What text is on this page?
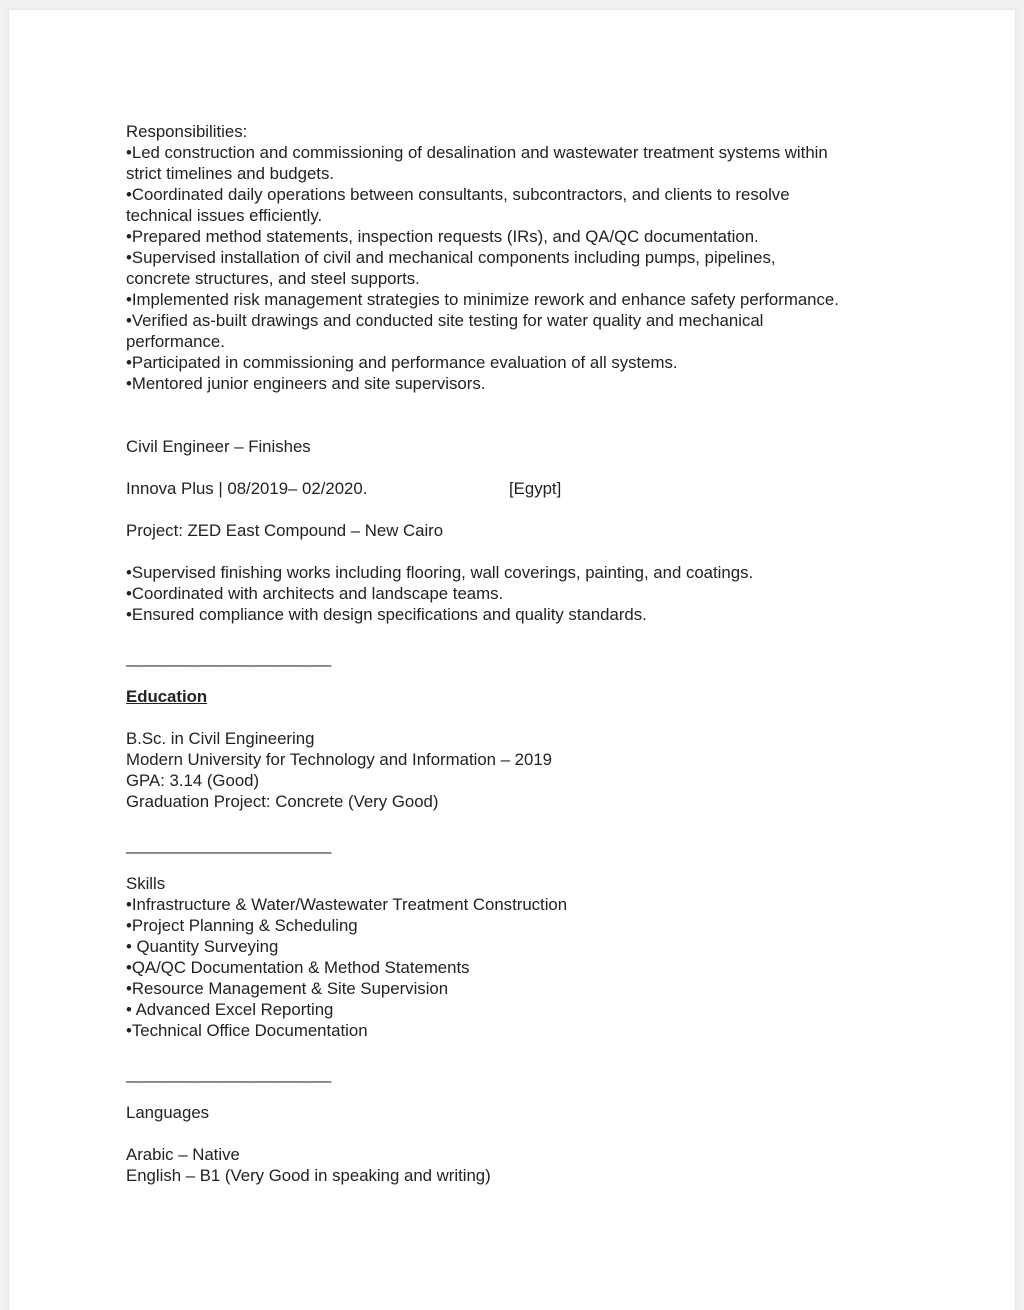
Responsibilities:
•Led construction and commissioning of desalination and wastewater treatment systems within
strict timelines and budgets.
•Coordinated daily operations between consultants, subcontractors, and clients to resolve
technical issues efficiently.
•Prepared method statements, inspection requests (IRs), and QA/QC documentation.
•Supervised installation of civil and mechanical components including pumps, pipelines,
concrete structures, and steel supports.
•Implemented risk management strategies to minimize rework and enhance safety performance.
•Verified as-built drawings and conducted site testing for water quality and mechanical
performance.
•Participated in commissioning and performance evaluation of all systems.
•Mentored junior engineers and site supervisors.
Civil Engineer – Finishes
Innova Plus | 08/2019– 02/2020.	[Egypt]
Project: ZED East Compound – New Cairo
•Supervised finishing works including flooring, wall coverings, painting, and coatings.
•Coordinated with architects and landscape teams.
•Ensured compliance with design specifications and quality standards.
______________________
Education
B.Sc. in Civil Engineering
Modern University for Technology and Information – 2019
GPA: 3.14 (Good)
Graduation Project: Concrete (Very Good)
______________________
Skills
•Infrastructure & Water/Wastewater Treatment Construction
•Project Planning & Scheduling
• Quantity Surveying
•QA/QC Documentation & Method Statements
•Resource Management & Site Supervision
• Advanced Excel Reporting
•Technical Office Documentation
______________________
Languages
Arabic – Native
English – B1 (Very Good in speaking and writing)
